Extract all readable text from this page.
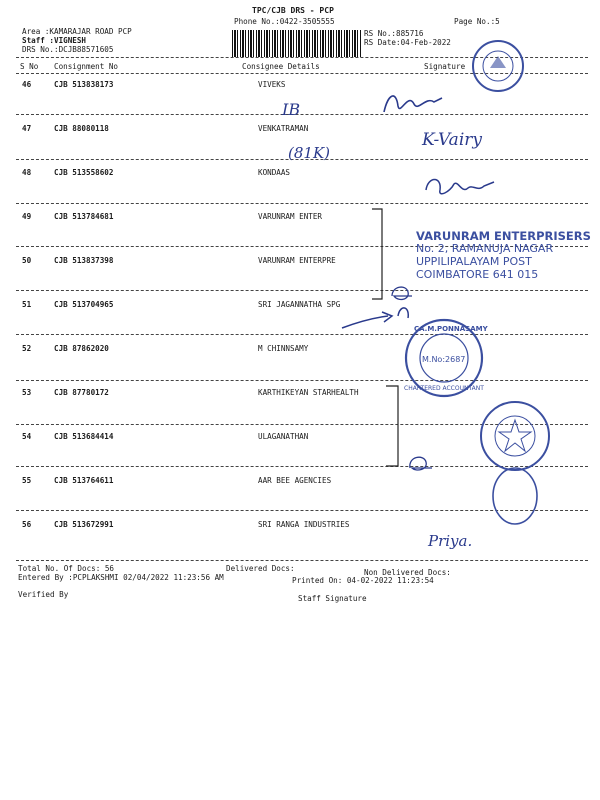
TPC/CJB DRS - PCP
Phone No.:0422-3505555	Page No.:5
Area :KAMARAJAR ROAD PCP
Staff :VIGNESH
DRS No.:DCJB88571605
RS No.:885716
RS Date:04-Feb-2022
S No Consignment No	Consignee Details	Signature
46	CJB 513838173	VIVEKS
47	CJB 88080118	VENKATRAMAN
48	CJB 513558602	KONDAAS
49	CJB 513784681	VARUNRAM ENTER
50	CJB 513837398	VARUNRAM ENTERPRE
51	CJB 513704965	SRI JAGANNATHA SPG
52	CJB 87862020	M CHINNSAMY
53	CJB 87780172	KARTHIKEYAN STARHEALTH
54	CJB 513684414	ULAGANATHAN
55	CJB 513764611	AAR BEE AGENCIES
56	CJB 513672991	SRI RANGA INDUSTRIES
Total No. Of Docs: 56	Delivered Docs:	Non Delivered Docs:
Entered By :PCPLAKSHMI 02/04/2022 11:23:56 AM	Printed On: 04-02-2022 11:23:54
Verified By	Staff Signature
VARUNRAM ENTERPRISERS
No. 2, RAMANUJA NAGAR
UPPILIPALAYAM POST
COIMBATORE 641 015
CA.M.PONNASAMY
M.No:2687
CHARTERED ACCOUNTANT
IB
K-Vairy
(81K)
Priya.
